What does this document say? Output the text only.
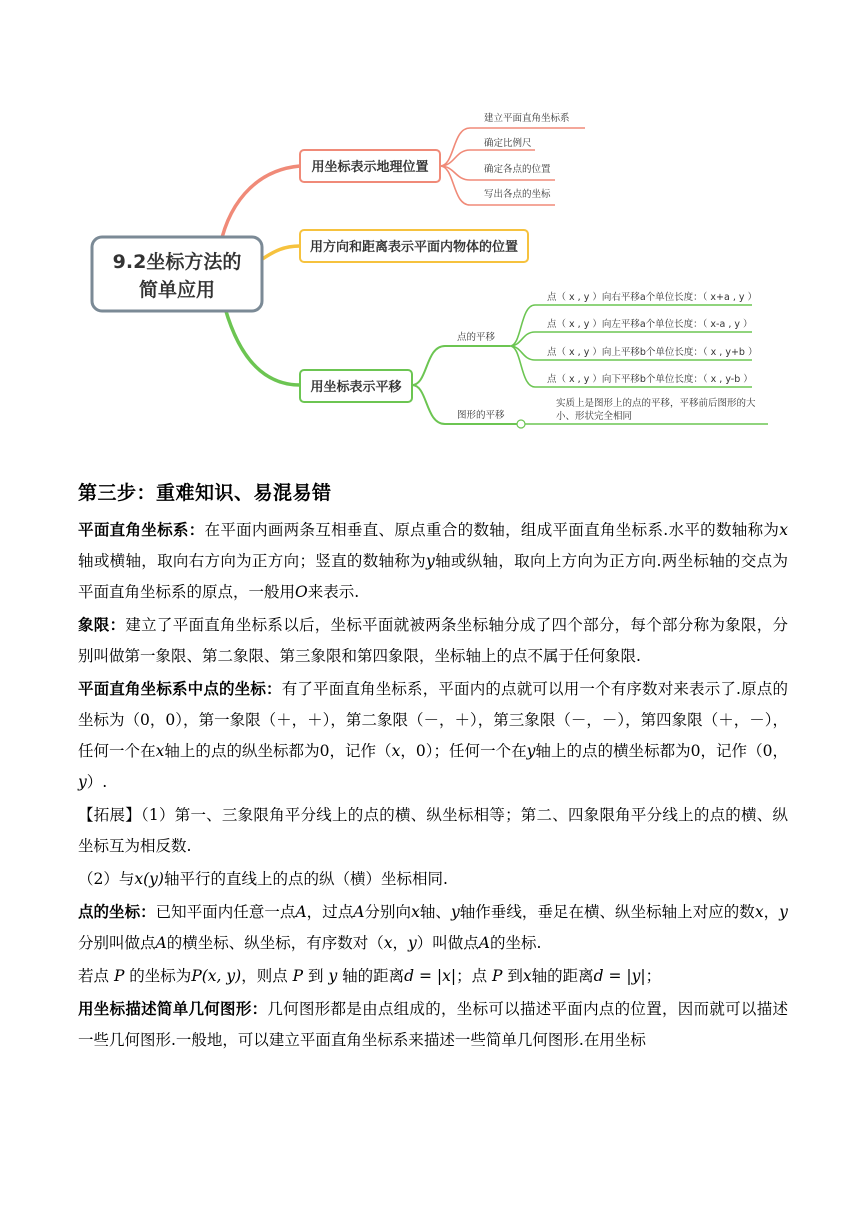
9.2坐标方法的
简单应用
用坐标表示地理位置
建立平面直角坐标系
确定比例尺
确定各点的位置
写出各点的坐标
用方向和距离表示平面内物体的位置
用坐标表示平移
点的平移
图形的平移
点（ x , y ）向右平移a个单位长度：（ x+a , y ）
点（ x , y ）向左平移a个单位长度：（ x-a , y ）
点（ x , y ）向上平移b个单位长度：（ x , y+b ）
点（ x , y ）向下平移b个单位长度：（ x , y-b ）
实质上是图形上的点的平移，平移前后图形的大
小、形状完全相同
第三步：重难知识、易混易错

平面直角坐标系：在平面内画两条互相垂直、原点重合的数轴，组成平面直角坐标系.水平的数轴称为x轴或横轴，取向右方向为正方向；竖直的数轴称为y轴或纵轴，取向上方向为正方向.两坐标轴的交点为平面直角坐标系的原点，一般用O来表示.

象限：建立了平面直角坐标系以后，坐标平面就被两条坐标轴分成了四个部分，每个部分称为象限，分别叫做第一象限、第二象限、第三象限和第四象限，坐标轴上的点不属于任何象限.

平面直角坐标系中点的坐标：有了平面直角坐标系，平面内的点就可以用一个有序数对来表示了.原点的坐标为（0，0），第一象限（＋，＋），第二象限（－，＋），第三象限（－，－），第四象限（＋，－），任何一个在x轴上的点的纵坐标都为0，记作（x，0）；任何一个在y轴上的点的横坐标都为0，记作（0，y）.

【拓展】（1）第一、三象限角平分线上的点的横、纵坐标相等；第二、四象限角平分线上的点的横、纵坐标互为相反数.

（2）与x(y)轴平行的直线上的点的纵（横）坐标相同.

点的坐标：已知平面内任意一点A，过点A分别向x轴、y轴作垂线，垂足在横、纵坐标轴上对应的数x，y分别叫做点A的横坐标、纵坐标，有序数对（x，y）叫做点A的坐标.

若点 P 的坐标为P(x, y)，则点 P 到 y 轴的距离d = |x|；点 P 到x轴的距离d = |y|；

用坐标描述简单几何图形：几何图形都是由点组成的，坐标可以描述平面内点的位置，因而就可以描述一些几何图形.一般地，可以建立平面直角坐标系来描述一些简单几何图形.在用坐标
